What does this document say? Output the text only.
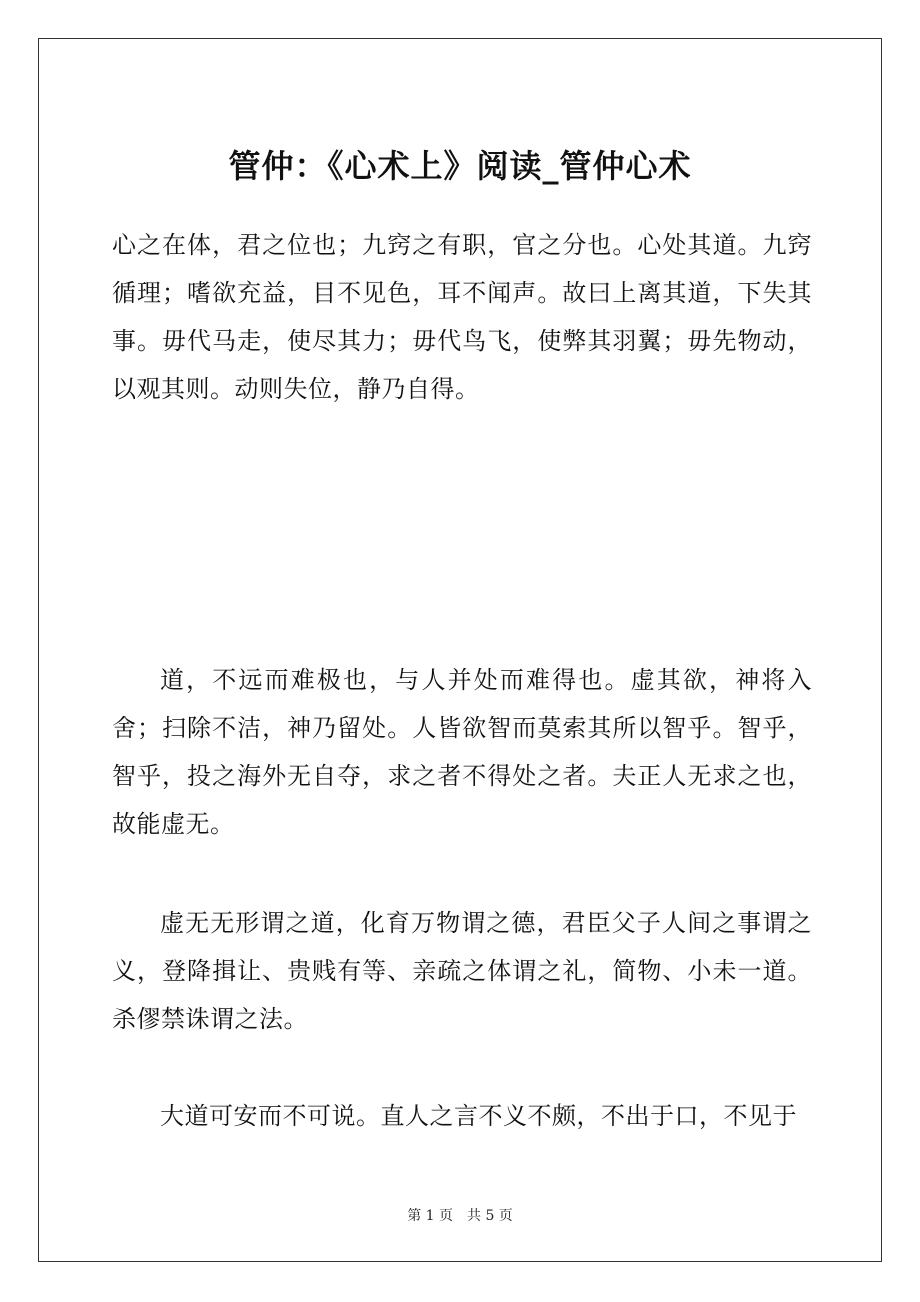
管仲：《心术上》阅读_管仲心术

心之在体，君之位也；九窍之有职，官之分也。心处其道。九窍循理；嗜欲充益，目不见色，耳不闻声。故曰上离其道，下失其事。毋代马走，使尽其力；毋代鸟飞，使弊其羽翼；毋先物动，以观其则。动则失位，静乃自得。

道，不远而难极也，与人并处而难得也。虚其欲，神将入舍；扫除不洁，神乃留处。人皆欲智而莫索其所以智乎。智乎，智乎，投之海外无自夺，求之者不得处之者。夫正人无求之也，故能虚无。

虚无无形谓之道，化育万物谓之德，君臣父子人间之事谓之义，登降揖让、贵贱有等、亲疏之体谓之礼，简物、小未一道。杀僇禁诛谓之法。

大道可安而不可说。直人之言不义不颇，不出于口，不见于

第 1 页 共 5 页
